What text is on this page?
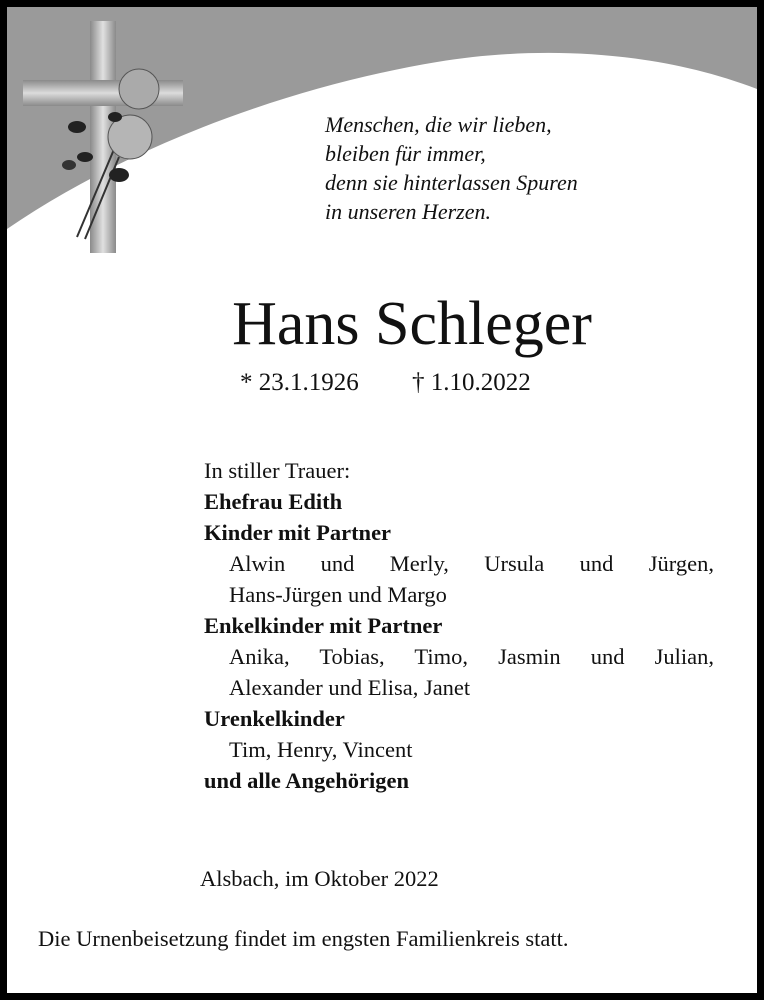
Menschen, die wir lieben,
bleiben für immer,
denn sie hinterlassen Spuren
in unseren Herzen.
Hans Schleger
* 23.1.1926 † 1.10.2022
In stiller Trauer:
Ehefrau Edith
Kinder mit Partner
Alwin und Merly, Ursula und Jürgen,
Hans-Jürgen und Margo
Enkelkinder mit Partner
Anika, Tobias, Timo, Jasmin und Julian,
Alexander und Elisa, Janet
Urenkelkinder
Tim, Henry, Vincent
und alle Angehörigen
Alsbach, im Oktober 2022
Die Urnenbeisetzung findet im engsten Familienkreis statt.
